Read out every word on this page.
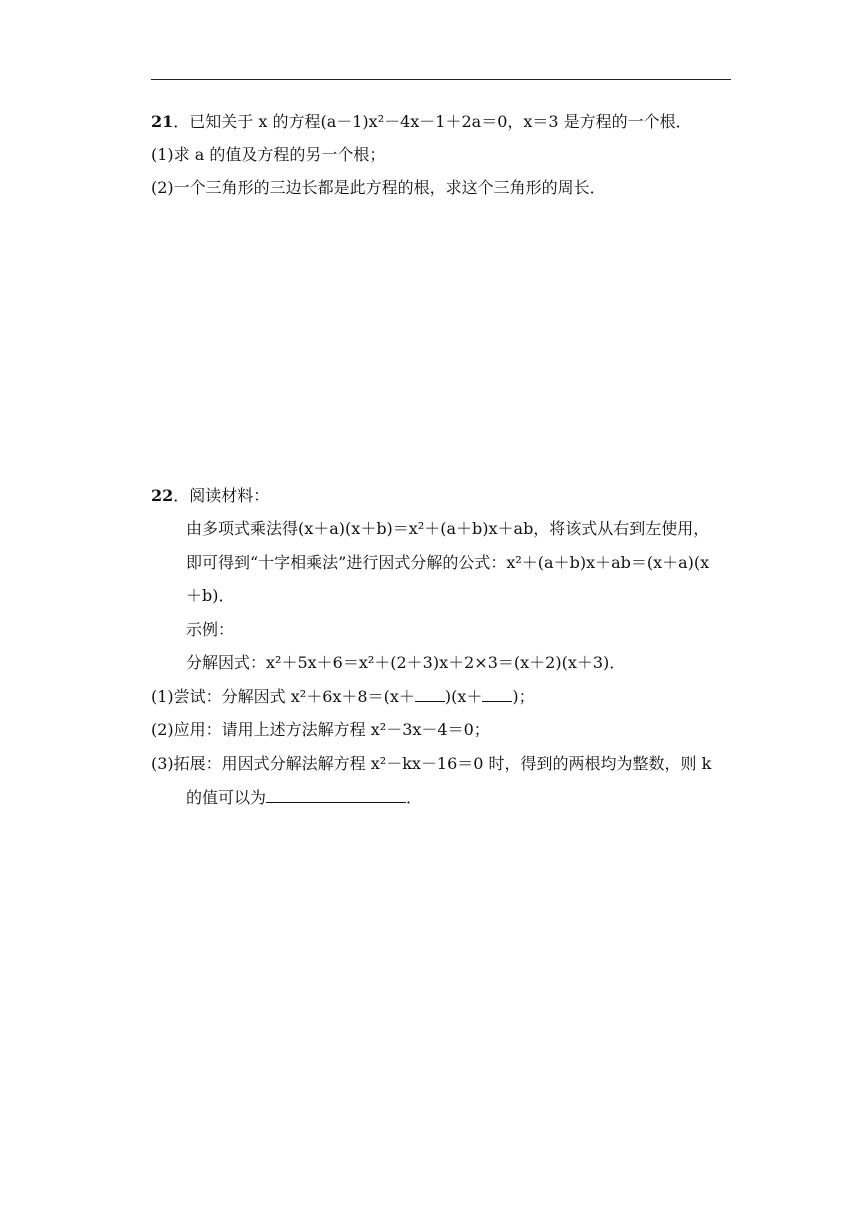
21．已知关于 x 的方程(a－1)x²－4x－1＋2a＝0，x＝3 是方程的一个根．
(1)求 a 的值及方程的另一个根；
(2)一个三角形的三边长都是此方程的根，求这个三角形的周长．
22．阅读材料：
由多项式乘法得(x＋a)(x＋b)＝x²＋(a＋b)x＋ab，将该式从右到左使用，
即可得到“十字相乘法”进行因式分解的公式：x²＋(a＋b)x＋ab＝(x＋a)(x
＋b)．
示例：
分解因式：x²＋5x＋6＝x²＋(2＋3)x＋2×3＝(x＋2)(x＋3)．
(1)尝试：分解因式 x²＋6x＋8＝(x＋ )(x＋ )；
(2)应用：请用上述方法解方程 x²－3x－4＝0；
(3)拓展：用因式分解法解方程 x²－kx－16＝0 时，得到的两根均为整数，则 k
的值可以为	．
